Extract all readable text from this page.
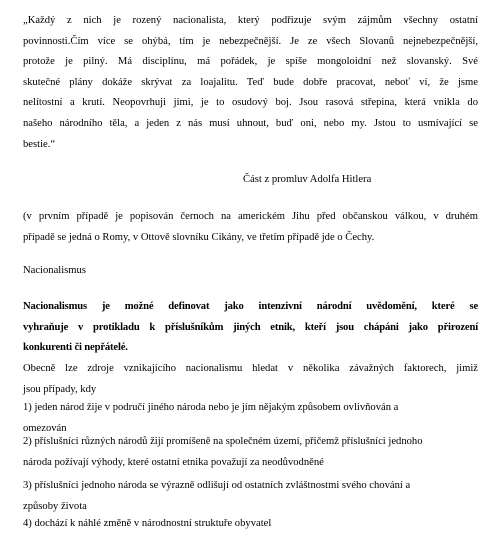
„Každý z nich je rozený nacionalista, který podřizuje svým zájmům všechny ostatní
povinnosti.Čím více se ohýbá, tím je nebezpečnější. Je ze všech Slovanů nejnebezpečnější,
protože je pilný. Má disciplínu, má pořádek, je spíše mongoloidní než slovanský. Své
skutečné plány dokáže skrývat za loajalitu. Teď bude dobře pracovat, neboť ví, že jsme
nelítostní a krutí. Neopovrhuji jimi, je to osudový boj. Jsou rasová střepina, která vnikla do
našeho národního těla, a jeden z nás musí uhnout, buď oni, nebo my. Jstou to usmívající se
bestie.“

Část z promluv Adolfa Hitlera

(v prvním případě je popisován černoch na americkém Jihu před občanskou válkou, v druhém
případě se jedná o Romy, v Ottově slovníku Cikány, ve třetím případě jde o Čechy.

Nacionalismus

Nacionalismus je možné definovat jako intenzivní národní uvědomění, které se
vyhraňuje v protikladu k příslušníkům jiných etnik, kteří jsou chápáni jako přirození
konkurenti či nepřátelé.
Obecně lze zdroje vznikajícího nacionalismu hledat v několika závažných faktorech, jimiž
jsou případy, kdy
1) jeden národ žije v područí jiného národa nebo je jím nějakým způsobem ovlivňován a
omezován
2) příslušníci různých národů žijí promíšeně na společném území, přičemž příslušníci jednoho
národa požívají výhody, které ostatní etnika považují za neodůvodněné
3) příslušníci jednoho národa se výrazně odlišují od ostatních zvláštnostmi svého chování a
způsoby života
4) dochází k náhlé změně v národnostní struktuře obyvatel
